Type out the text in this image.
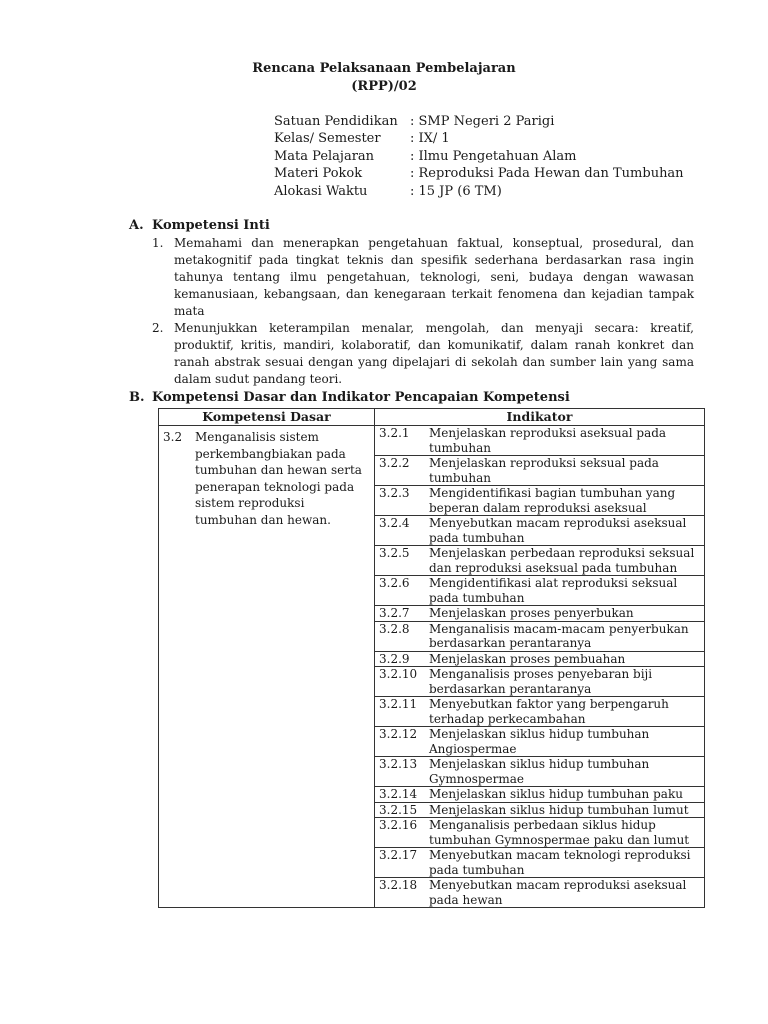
Rencana Pelaksanaan Pembelajaran
(RPP)/02
Satuan Pendidikan : SMP Negeri 2 Parigi
Kelas/ Semester	: IX/ 1
Mata Pelajaran	: Ilmu Pengetahuan Alam
Materi Pokok	: Reproduksi Pada Hewan dan Tumbuhan
Alokasi Waktu	: 15 JP (6 TM)
A. Kompetensi Inti
1. Memahami dan menerapkan pengetahuan faktual, konseptual, prosedural, dan metakognitif pada tingkat teknis dan spesifik sederhana berdasarkan rasa ingin tahunya tentang ilmu pengetahuan, teknologi, seni, budaya dengan wawasan kemanusiaan, kebangsaan, dan kenegaraan terkait fenomena dan kejadian tampak mata
2. Menunjukkan keterampilan menalar, mengolah, dan menyaji secara: kreatif, produktif, kritis, mandiri, kolaboratif, dan komunikatif, dalam ranah konkret dan ranah abstrak sesuai dengan yang dipelajari di sekolah dan sumber lain yang sama dalam sudut pandang teori.
B. Kompetensi Dasar dan Indikator Pencapaian Kompetensi
Kompetensi Dasar	Indikator
3.2 Menganalisis sistem perkembangbiakan pada tumbuhan dan hewan serta penerapan teknologi pada sistem reproduksi tumbuhan dan hewan.	3.2.1 Menjelaskan reproduksi aseksual pada tumbuhan

	3.2.2 Menjelaskan reproduksi seksual pada tumbuhan

	3.2.3 Mengidentifikasi bagian tumbuhan yang beperan dalam reproduksi aseksual

	3.2.4 Menyebutkan macam reproduksi aseksual pada tumbuhan

	3.2.5 Menjelaskan perbedaan reproduksi seksual dan reproduksi aseksual pada tumbuhan

	3.2.6 Mengidentifikasi alat reproduksi seksual pada tumbuhan

	3.2.7 Menjelaskan proses penyerbukan

	3.2.8 Menganalisis macam-macam penyerbukan berdasarkan perantaranya

	3.2.9 Menjelaskan proses pembuahan

	3.2.10 Menganalisis proses penyebaran biji berdasarkan perantaranya

	3.2.11 Menyebutkan faktor yang berpengaruh terhadap perkecambahan

	3.2.12 Menjelaskan siklus hidup tumbuhan Angiospermae

	3.2.13 Menjelaskan siklus hidup tumbuhan Gymnospermae

	3.2.14 Menjelaskan siklus hidup tumbuhan paku

	3.2.15 Menjelaskan siklus hidup tumbuhan lumut

	3.2.16 Menganalisis perbedaan siklus hidup tumbuhan Gymnospermae paku dan lumut

	3.2.17 Menyebutkan macam teknologi reproduksi pada tumbuhan

	3.2.18 Menyebutkan macam reproduksi aseksual pada hewan
